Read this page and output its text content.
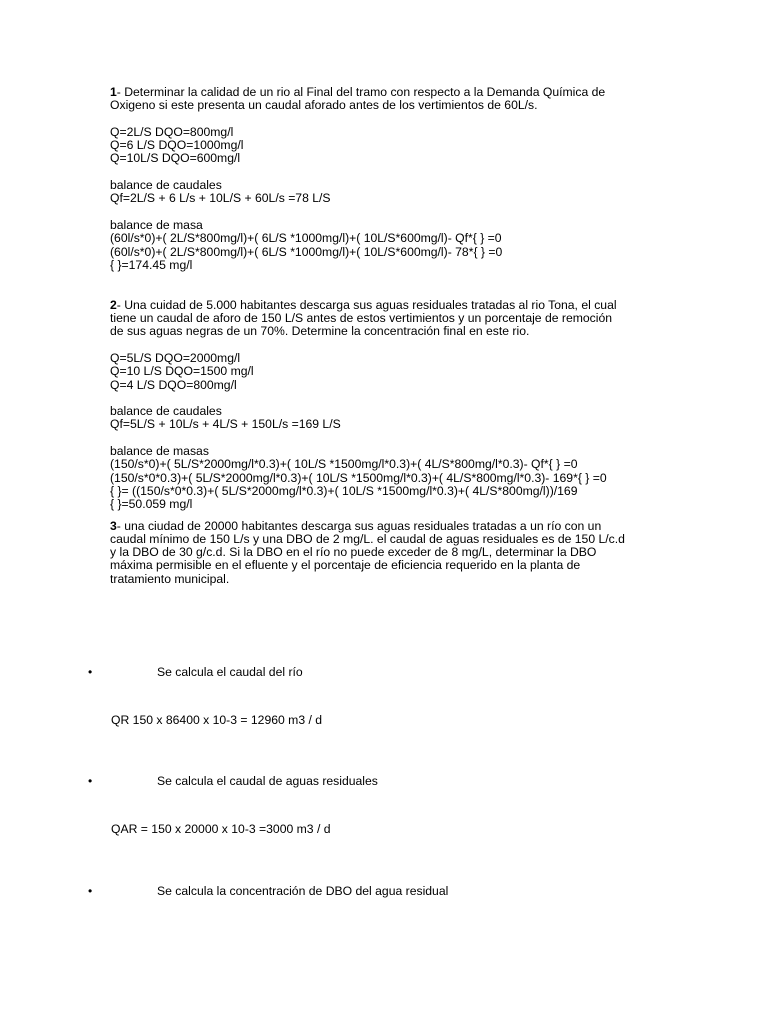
1- Determinar la calidad de un rio al Final del tramo con respecto a la Demanda Química de
Oxigeno si este presenta un caudal aforado antes de los vertimientos de 60L/s.
Q=2L/S DQO=800mg/l
Q=6 L/S DQO=1000mg/l
Q=10L/S DQO=600mg/l
balance de caudales
Qf=2L/S + 6 L/s + 10L/S + 60L/s =78 L/S
balance de masa
(60l/s*0)+( 2L/S*800mg/l)+( 6L/S *1000mg/l)+( 10L/S*600mg/l)- Qf*{ } =0
(60l/s*0)+( 2L/S*800mg/l)+( 6L/S *1000mg/l)+( 10L/S*600mg/l)- 78*{ } =0
{ }=174.45 mg/l
2- Una cuidad de 5.000 habitantes descarga sus aguas residuales tratadas al rio Tona, el cual
tiene un caudal de aforo de 150 L/S antes de estos vertimientos y un porcentaje de remoción
de sus aguas negras de un 70%. Determine la concentración final en este rio.
Q=5L/S DQO=2000mg/l
Q=10 L/S DQO=1500 mg/l
Q=4 L/S DQO=800mg/l
balance de caudales
Qf=5L/S + 10L/s + 4L/S + 150L/s =169 L/S
balance de masas
(150/s*0)+( 5L/S*2000mg/l*0.3)+( 10L/S *1500mg/l*0.3)+( 4L/S*800mg/l*0.3)- Qf*{ } =0
(150/s*0*0.3)+( 5L/S*2000mg/l*0.3)+( 10L/S *1500mg/l*0.3)+( 4L/S*800mg/l*0.3)- 169*{ } =0
{ }= ((150/s*0*0.3)+( 5L/S*2000mg/l*0.3)+( 10L/S *1500mg/l*0.3)+( 4L/S*800mg/l))/169
{ }=50.059 mg/l
3- una ciudad de 20000 habitantes descarga sus aguas residuales tratadas a un río con un
caudal mínimo de 150 L/s y una DBO de 2 mg/L. el caudal de aguas residuales es de 150 L/c.d
y la DBO de 30 g/c.d. Si la DBO en el río no puede exceder de 8 mg/L, determinar la DBO
máxima permisible en el efluente y el porcentaje de eficiencia requerido en la planta de
tratamiento municipal.
•	Se calcula el caudal del río
QR 150 x 86400 x 10-3 = 12960 m3 / d
•	Se calcula el caudal de aguas residuales
QAR = 150 x 20000 x 10-3 =3000 m3 / d
•	Se calcula la concentración de DBO del agua residual
